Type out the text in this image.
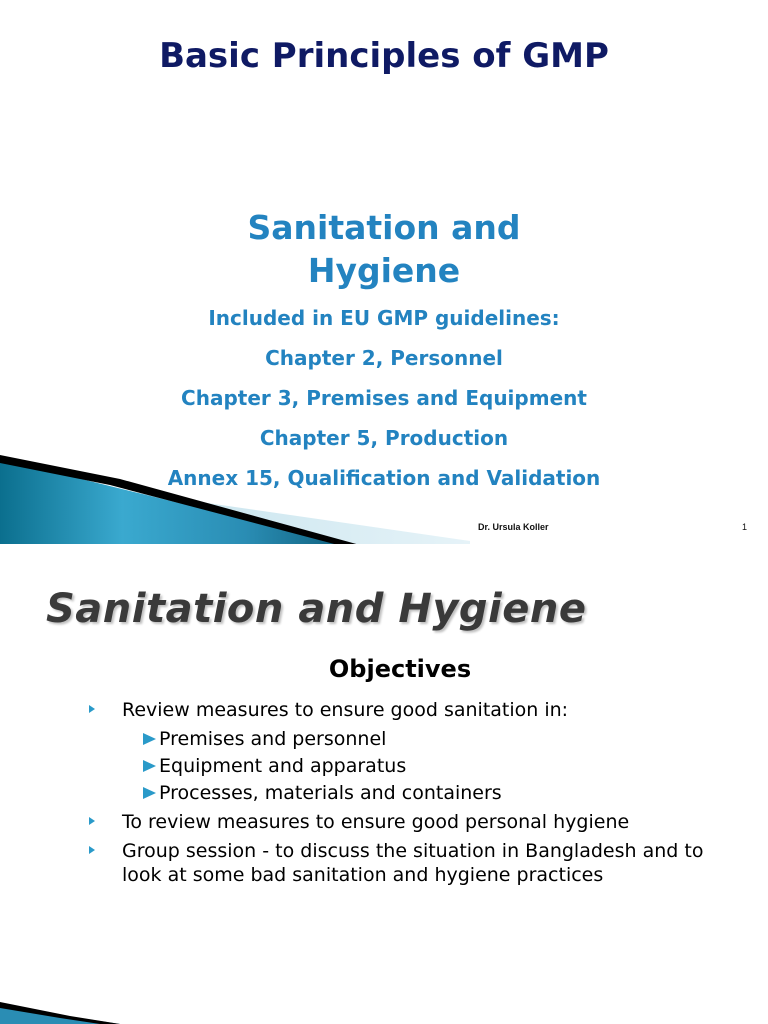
Basic Principles of GMP
Sanitation and Hygiene
Included in EU GMP guidelines:
Chapter 2, Personnel
Chapter 3, Premises and Equipment
Chapter 5, Production
Annex 15, Qualification and Validation
Dr. Ursula Koller	1
Sanitation and Hygiene
Objectives
Review measures to ensure good sanitation in:
Premises and personnel
Equipment and apparatus
Processes, materials and containers
To review measures to ensure good personal hygiene
Group session - to discuss the situation in Bangladesh and to look at some bad sanitation and hygiene practices
